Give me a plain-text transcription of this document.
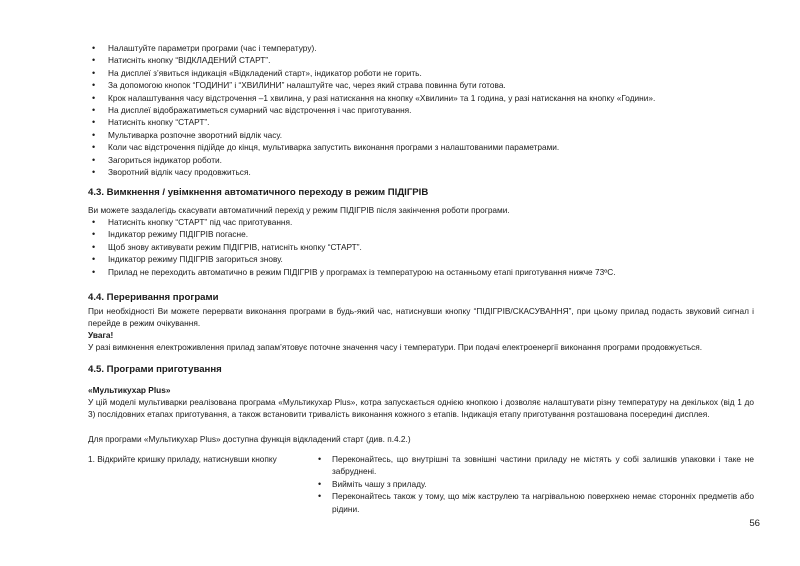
• Налаштуйте параметри програми (час і температуру).
• Натисніть кнопку “ВІДКЛАДЕНИЙ СТАРТ”.
• На дисплеї з’явиться індикація «Відкладений старт», індикатор роботи не горить.
• За допомогою кнопок “ГОДИНИ” і “ХВИЛИНИ” налаштуйте час, через який страва повинна бути готова.
• Крок налаштування часу відстрочення –1 хвилина, у разі натискання на кнопку «Хвилини» та 1 година, у разі натискання на кнопку «Години».
• На дисплеї відображатиметься сумарний час відстрочення і час приготування.
• Натисніть кнопку “СТАРТ”.
• Мультиварка розпочне зворотний відлік часу.
• Коли час відстрочення підійде до кінця, мультиварка запустить виконання програми з налаштованими параметрами.
• Загориться індикатор роботи.
• Зворотний відлік часу продовжиться.
4.3. Вимкнення / увімкнення автоматичного переходу в режим ПІДІГРІВ
Ви можете заздалегідь скасувати автоматичний перехід у режим ПІДІГРІВ після закінчення роботи програми.
• Натисніть кнопку “СТАРТ” під час приготування.
• Індикатор режиму ПІДІГРІВ погасне.
• Щоб знову активувати режим ПІДІГРІВ, натисніть кнопку “СТАРТ”.
• Індикатор режиму ПІДІГРІВ загориться знову.
• Прилад не переходить автоматично в режим ПІДІГРІВ у програмах із температурою на останньому етапі приготування нижче 73ºС.
4.4. Переривання програми
При необхідності Ви можете перервати виконання програми в будь-який час, натиснувши кнопку “ПІДІГРІВ/СКАСУВАННЯ”, при цьому прилад подасть звуковий сигнал і перейде в режим очікування.
Увага!
У разі вимкнення електроживлення прилад запам’ятовує поточне значення часу і температури. При подачі електроенергії виконання програми продовжується.
4.5. Програми приготування
«Мультикухар Plus»
У цій моделі мультиварки реалізована програма «Мультикухар Plus», котра запускається однією кнопкою і дозволяє налаштувати різну температуру на декількох (від 1 до 3) послідовних етапах приготування, а також встановити тривалість виконання кожного з етапів. Індикація етапу приготування розташована посередині дисплея.
Для програми «Мультикухар Plus» доступна функція відкладений старт (див. п.4.2.)
1. Відкрийте кришку приладу, натиснувши кнопку
•	Переконайтесь, що внутрішні та зовнішні частини приладу не містять у собі залишків упаковки і таке не забруднені.
• Вийміть чашу з приладу.
• Переконайтесь також у тому, що між каструлею та нагрівальною поверхнею немає сторонніх предметів або рідини.
56
